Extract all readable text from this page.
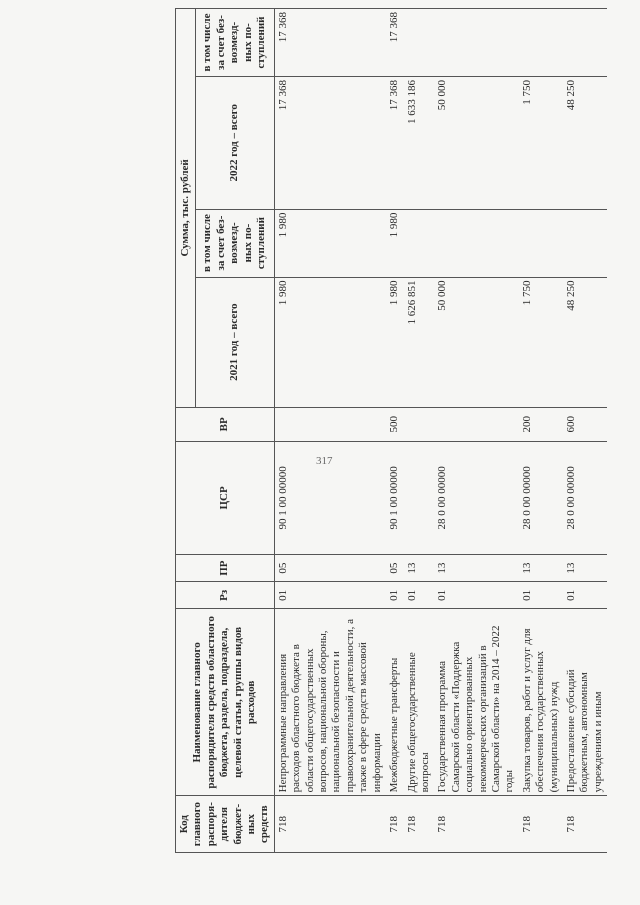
317
Код главного распоря-дителя бюджет-ных средств	Наименование главного распорядителя средств областного бюджета, раздела, подраздела, целевой статьи, группы видов расходов	Рз	ПР	ЦСР	ВР	Сумма, тыс. рублей			
						2021 год – всего	в том числе за счет без-возмезд-ных по-ступлений	2022 год – всего	в том числе за счет без-возмезд-ных по-ступлений
718	Непрограммные направления расходов областного бюджета в области общегосударственных вопросов, национальной обороны, национальной безопасности и правоохранительной деятельности, а также в сфере средств массовой информации	01	05	90 1 00 00000		1 980	1 980	17 368	17 368
718	Межбюджетные трансферты	01	05	90 1 00 00000	500	1 980	1 980	17 368	17 368
718	Другие общегосударственные вопросы	01	13			1 626 851		1 633 186	
718	Государственная программа Самарской области «Поддержка социально ориентированных некоммерческих организаций в Самарской области» на 2014 – 2022 годы	01	13	28 0 00 00000		50 000		50 000	
718	Закупка товаров, работ и услуг для обеспечения государственных (муниципальных) нужд	01	13	28 0 00 00000	200	1 750		1 750	
718	Предоставление субсидий бюджетным, автономным учреждениям и иным	01	13	28 0 00 00000	600	48 250		48 250	
